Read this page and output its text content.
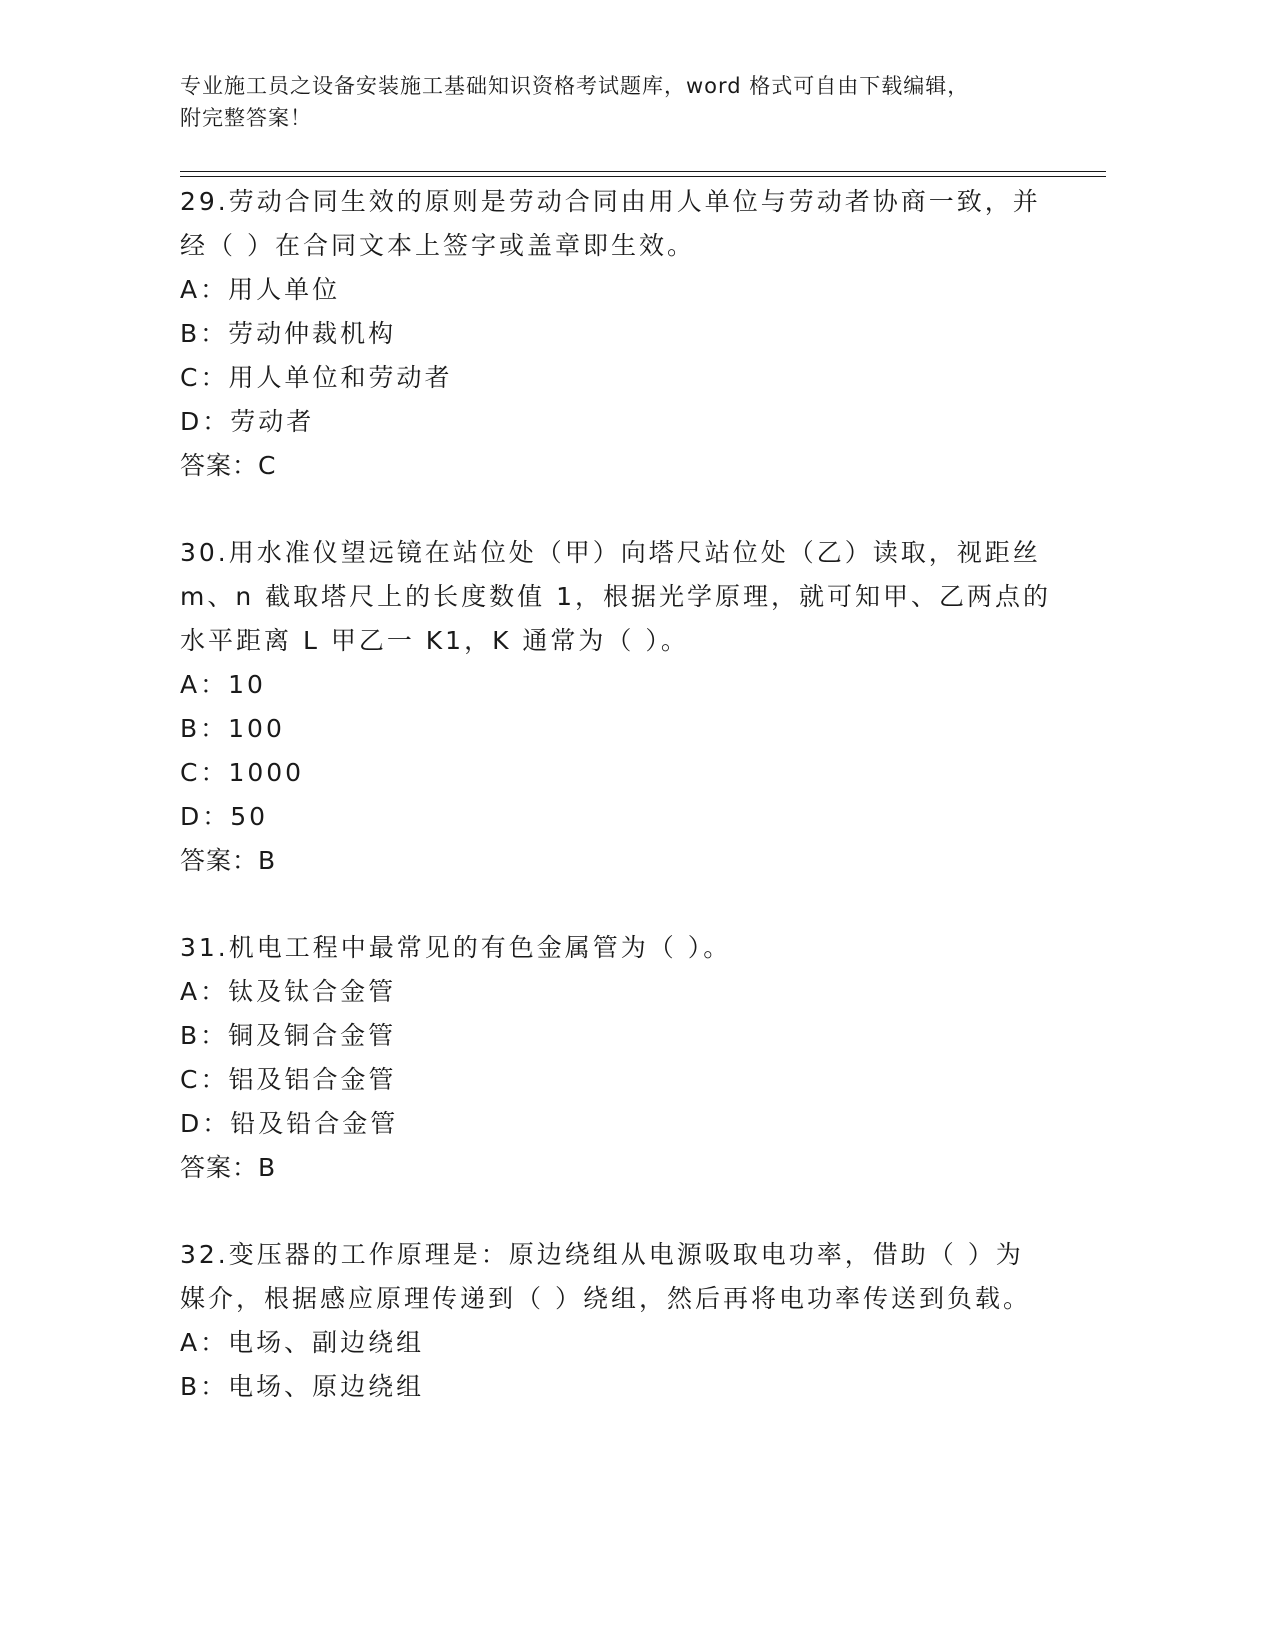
专业施工员之设备安装施工基础知识资格考试题库，word 格式可自由下载编辑，
附完整答案！
29.劳动合同生效的原则是劳动合同由用人单位与劳动者协商一致，并
经（ ）在合同文本上签字或盖章即生效。
A：用人单位
B：劳动仲裁机构
C：用人单位和劳动者
D：劳动者
答案：C
30.用水准仪望远镜在站位处（甲）向塔尺站位处（乙）读取，视距丝
m、n 截取塔尺上的长度数值 1，根据光学原理，就可知甲、乙两点的
水平距离 L 甲乙一 K1，K 通常为（ ）。
A：10
B：100
C：1000
D：50
答案：B
31.机电工程中最常见的有色金属管为（ ）。
A：钛及钛合金管
B：铜及铜合金管
C：铝及铝合金管
D：铅及铅合金管
答案：B
32.变压器的工作原理是：原边绕组从电源吸取电功率，借助（ ）为
媒介，根据感应原理传递到（ ）绕组，然后再将电功率传送到负载。
A：电场、副边绕组
B：电场、原边绕组
